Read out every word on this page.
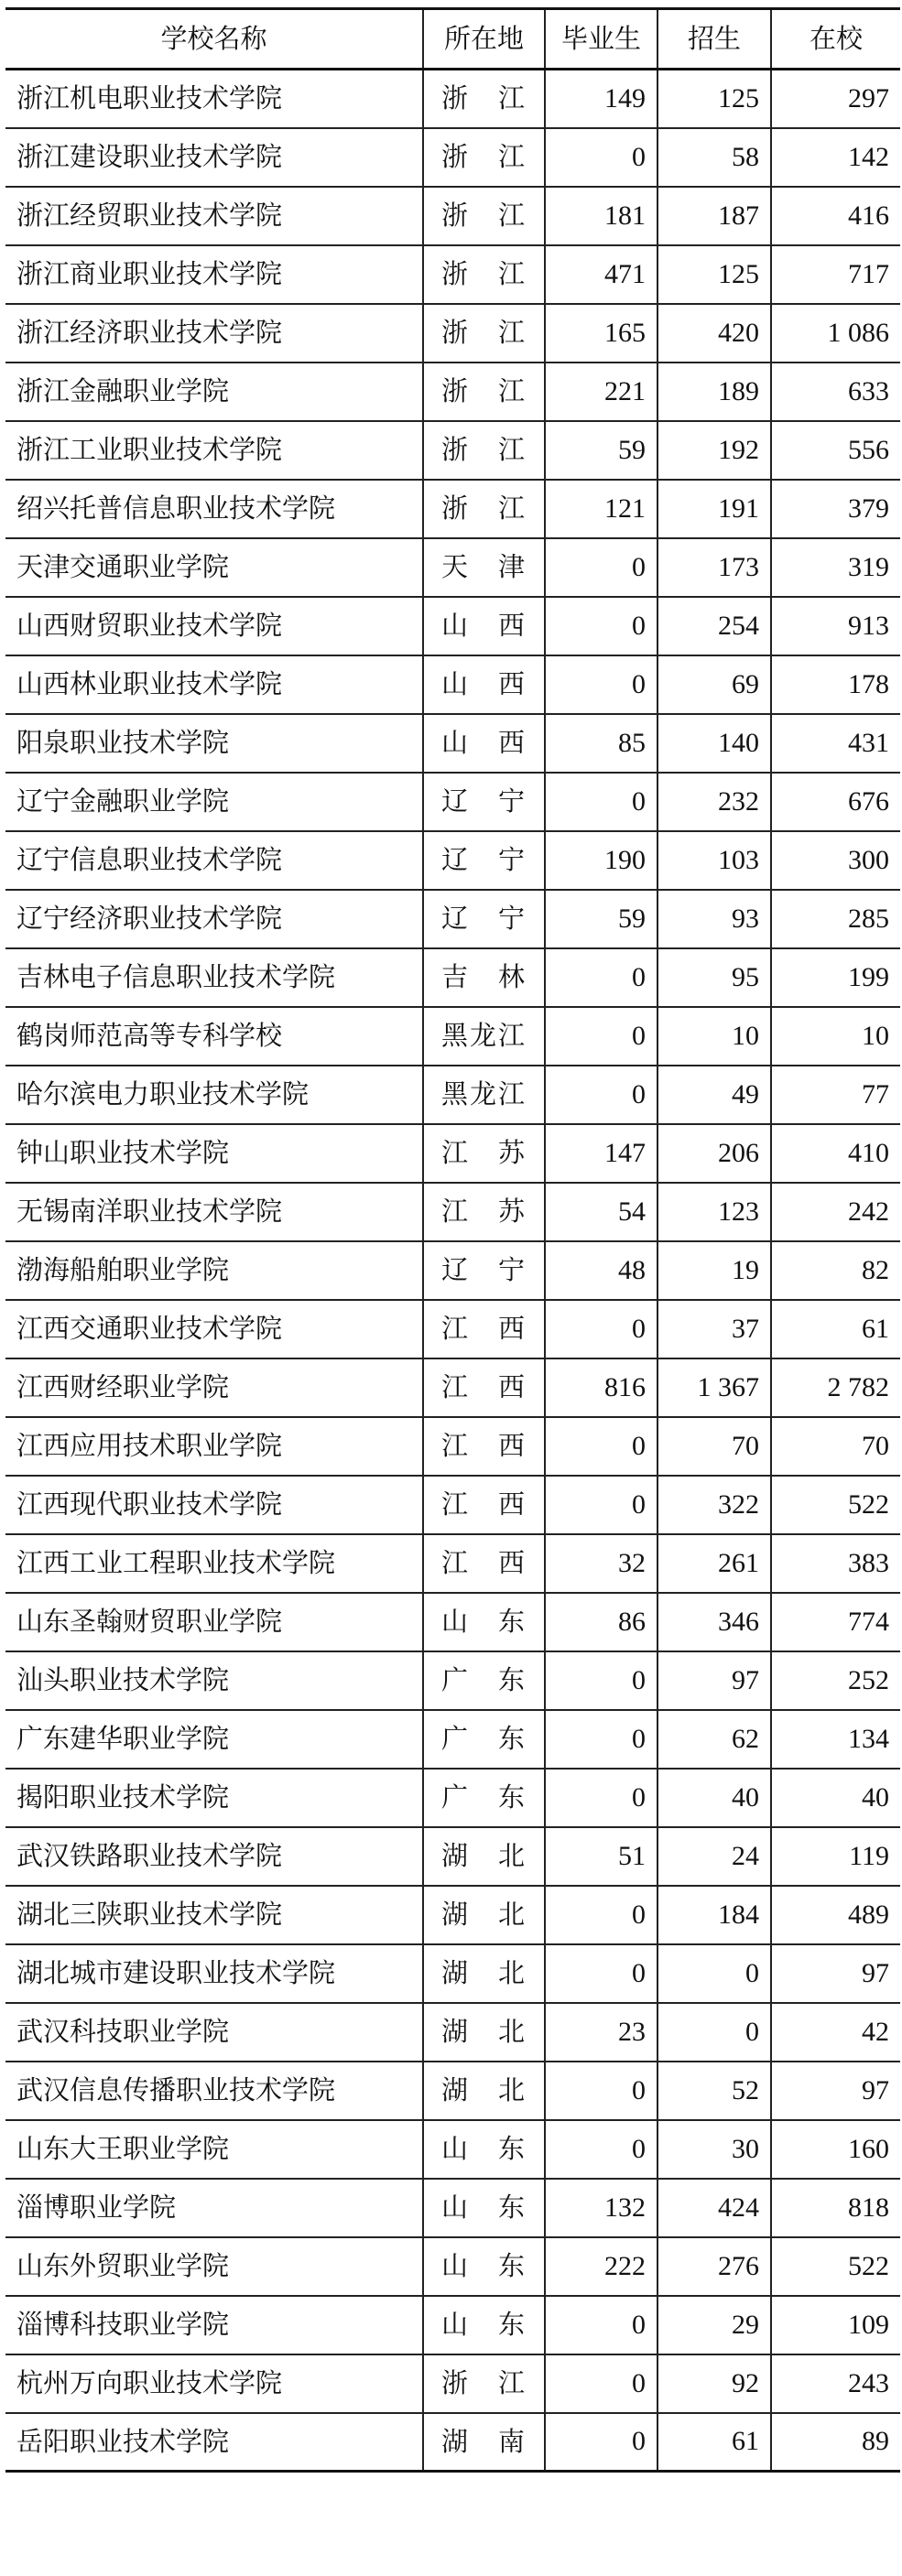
学校名称	所在地	毕业生	招生	在校
浙江机电职业技术学院	浙　江	149	125	297
浙江建设职业技术学院	浙　江	0	58	142
浙江经贸职业技术学院	浙　江	181	187	416
浙江商业职业技术学院	浙　江	471	125	717
浙江经济职业技术学院	浙　江	165	420	1 086
浙江金融职业学院	浙　江	221	189	633
浙江工业职业技术学院	浙　江	59	192	556
绍兴托普信息职业技术学院	浙　江	121	191	379
天津交通职业学院	天　津	0	173	319
山西财贸职业技术学院	山　西	0	254	913
山西林业职业技术学院	山　西	0	69	178
阳泉职业技术学院	山　西	85	140	431
辽宁金融职业学院	辽　宁	0	232	676
辽宁信息职业技术学院	辽　宁	190	103	300
辽宁经济职业技术学院	辽　宁	59	93	285
吉林电子信息职业技术学院	吉　林	0	95	199
鹤岗师范高等专科学校	黑龙江	0	10	10
哈尔滨电力职业技术学院	黑龙江	0	49	77
钟山职业技术学院	江　苏	147	206	410
无锡南洋职业技术学院	江　苏	54	123	242
渤海船舶职业学院	辽　宁	48	19	82
江西交通职业技术学院	江　西	0	37	61
江西财经职业学院	江　西	816	1 367	2 782
江西应用技术职业学院	江　西	0	70	70
江西现代职业技术学院	江　西	0	322	522
江西工业工程职业技术学院	江　西	32	261	383
山东圣翰财贸职业学院	山　东	86	346	774
汕头职业技术学院	广　东	0	97	252
广东建华职业学院	广　东	0	62	134
揭阳职业技术学院	广　东	0	40	40
武汉铁路职业技术学院	湖　北	51	24	119
湖北三陕职业技术学院	湖　北	0	184	489
湖北城市建设职业技术学院	湖　北	0	0	97
武汉科技职业学院	湖　北	23	0	42
武汉信息传播职业技术学院	湖　北	0	52	97
山东大王职业学院	山　东	0	30	160
淄博职业学院	山　东	132	424	818
山东外贸职业学院	山　东	222	276	522
淄博科技职业学院	山　东	0	29	109
杭州万向职业技术学院	浙　江	0	92	243
岳阳职业技术学院	湖　南	0	61	89
